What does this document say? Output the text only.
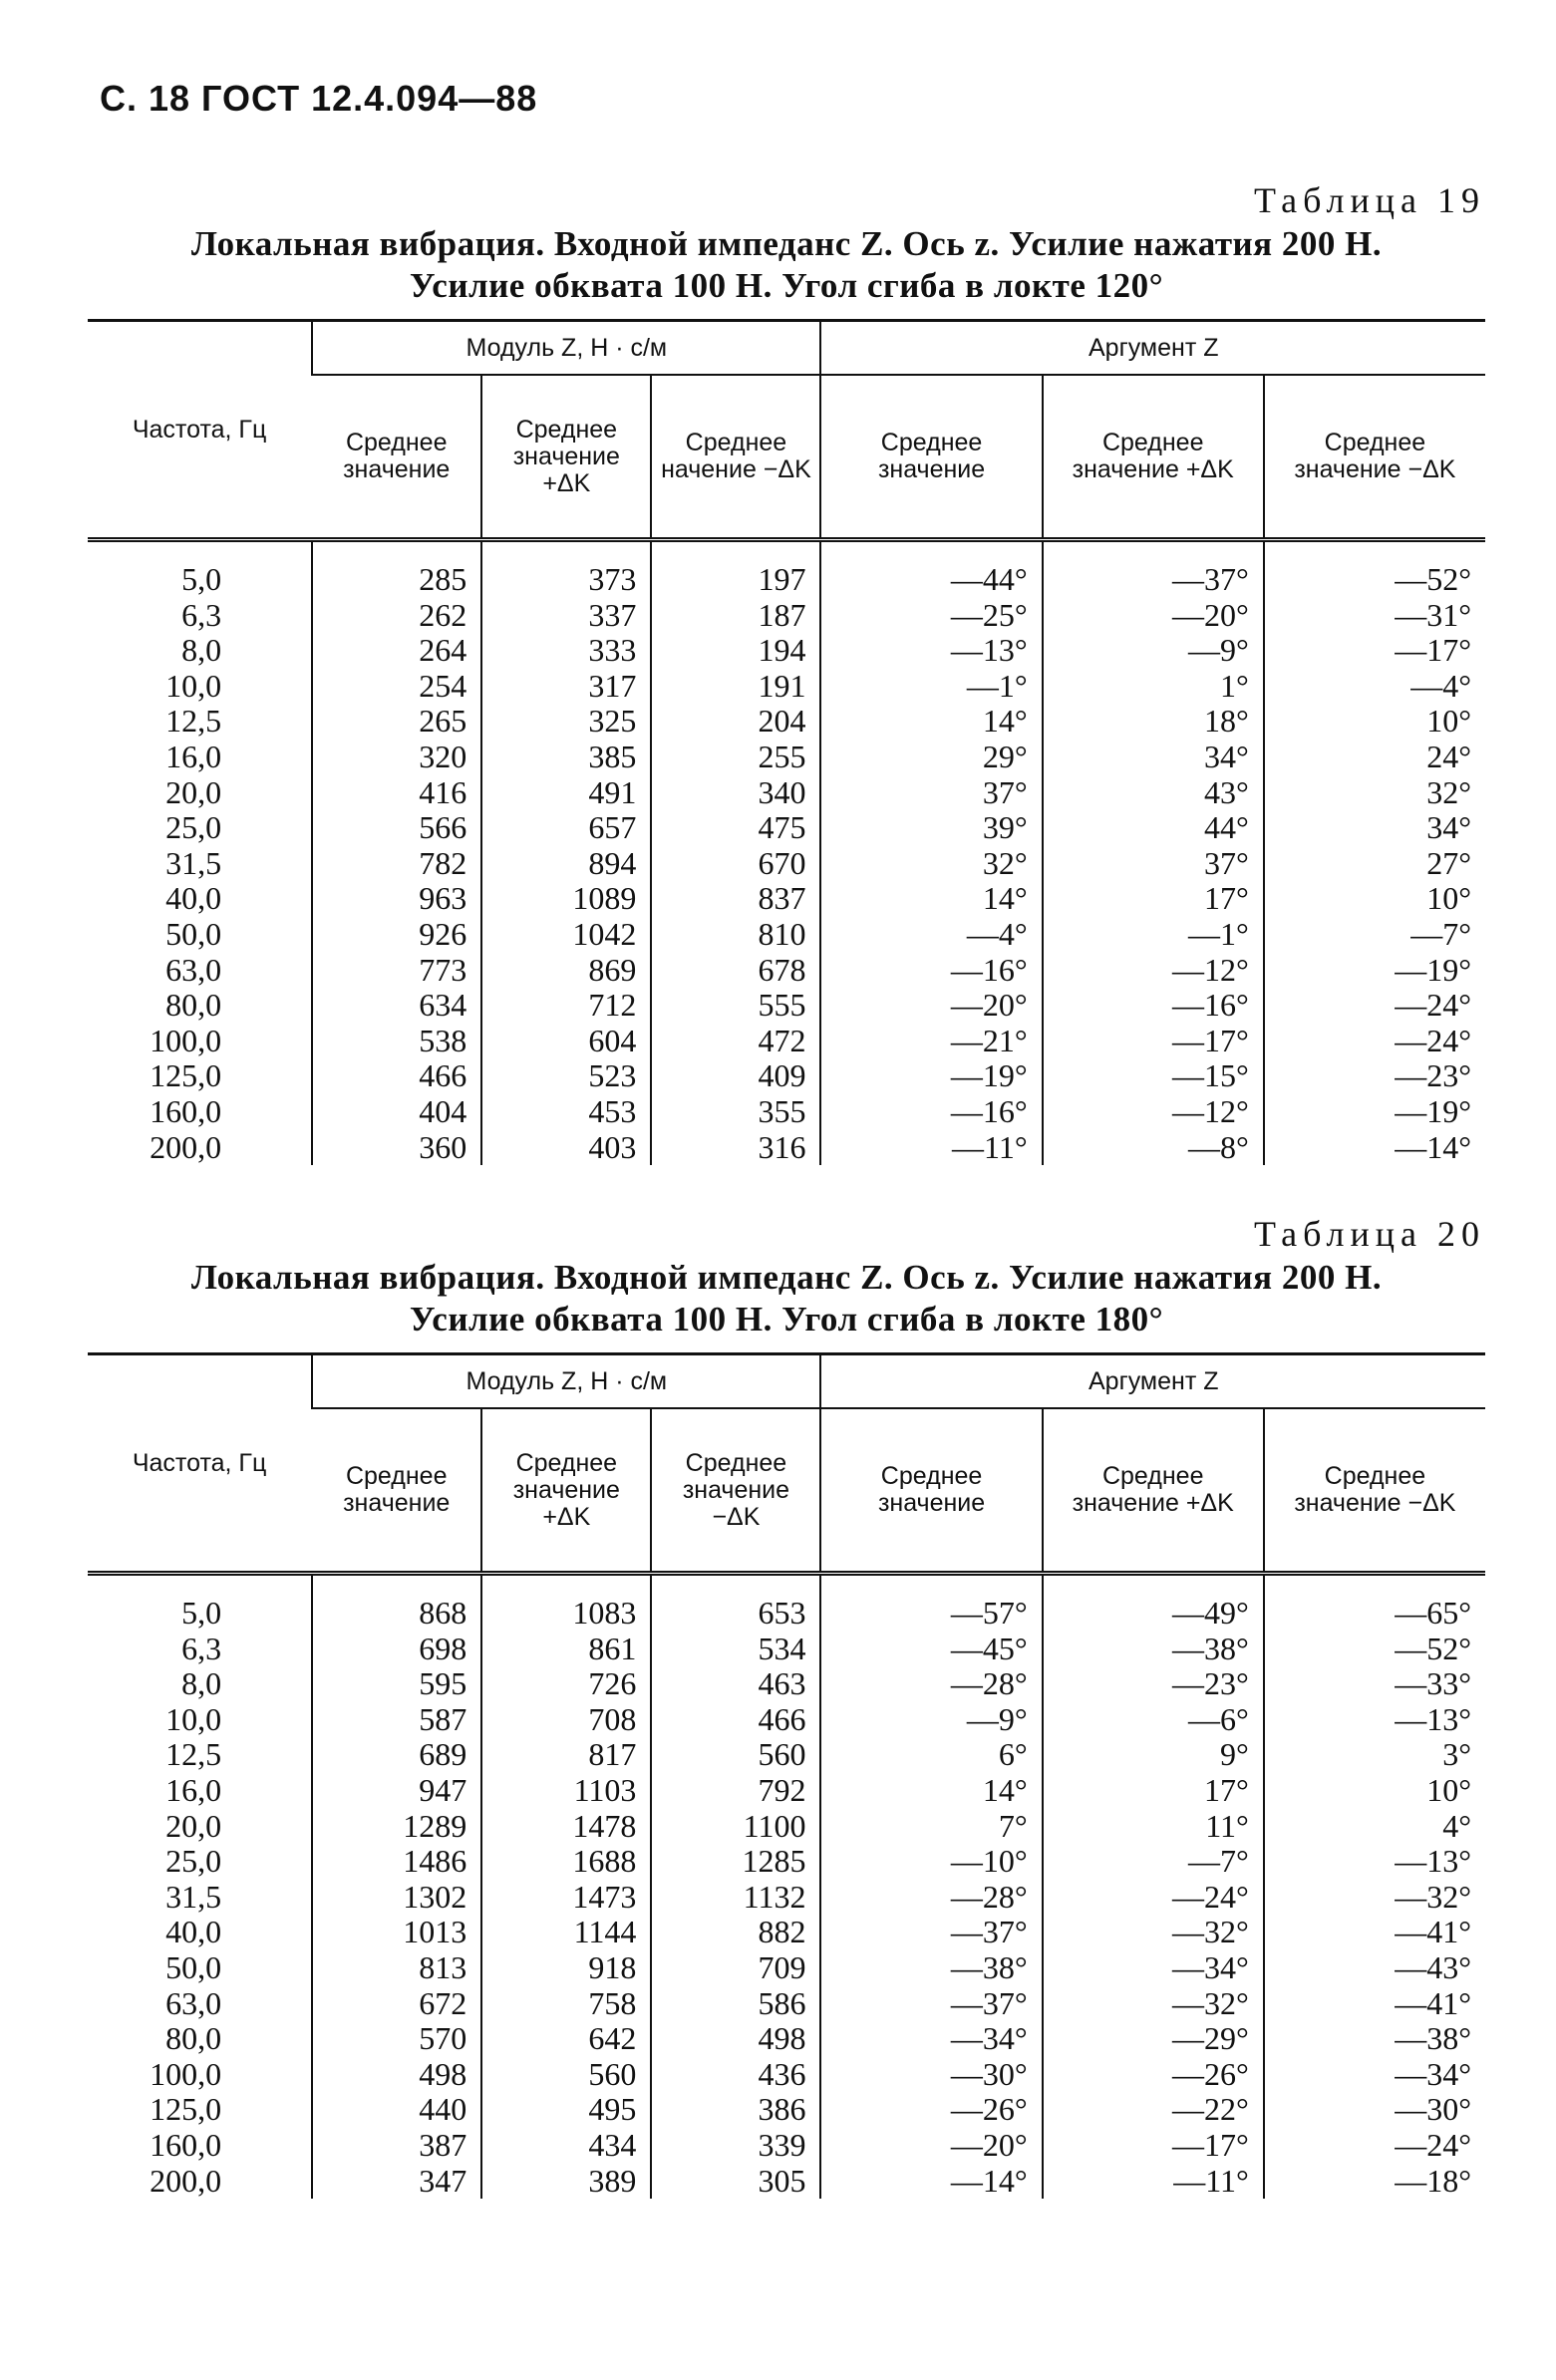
С. 18 ГОСТ 12.4.094—88
Таблица 19
Локальная вибрация. Входной импеданс Z. Ось z. Усилие нажатия 200 Н.
Усилие обквата 100 Н. Угол сгиба в локте 120°
Частота, Гц	Модуль Z, Н · с/м			Аргумент Z		
	Среднее значение	Среднее значение +ΔK	Среднее начение −ΔK	Среднее значение	Среднее значение +ΔK	Среднее значение −ΔK
5,0	285	373	197	—44°	—37°	—52°
6,3	262	337	187	—25°	—20°	—31°
8,0	264	333	194	—13°	—9°	—17°
10,0	254	317	191	—1°	1°	—4°
12,5	265	325	204	14°	18°	10°
16,0	320	385	255	29°	34°	24°
20,0	416	491	340	37°	43°	32°
25,0	566	657	475	39°	44°	34°
31,5	782	894	670	32°	37°	27°
40,0	963	1089	837	14°	17°	10°
50,0	926	1042	810	—4°	—1°	—7°
63,0	773	869	678	—16°	—12°	—19°
80,0	634	712	555	—20°	—16°	—24°
100,0	538	604	472	—21°	—17°	—24°
125,0	466	523	409	—19°	—15°	—23°
160,0	404	453	355	—16°	—12°	—19°
200,0	360	403	316	—11°	—8°	—14°
Таблица 20
Локальная вибрация. Входной импеданс Z. Ось z. Усилие нажатия 200 Н.
Усилие обквата 100 Н. Угол сгиба в локте 180°
Частота, Гц	Модуль Z, Н · с/м			Аргумент Z		
	Среднее значение	Среднее значение +ΔK	Среднее значение −ΔK	Среднее значение	Среднее значение +ΔK	Среднее значение −ΔK
5,0	868	1083	653	—57°	—49°	—65°
6,3	698	861	534	—45°	—38°	—52°
8,0	595	726	463	—28°	—23°	—33°
10,0	587	708	466	—9°	—6°	—13°
12,5	689	817	560	6°	9°	3°
16,0	947	1103	792	14°	17°	10°
20,0	1289	1478	1100	7°	11°	4°
25,0	1486	1688	1285	—10°	—7°	—13°
31,5	1302	1473	1132	—28°	—24°	—32°
40,0	1013	1144	882	—37°	—32°	—41°
50,0	813	918	709	—38°	—34°	—43°
63,0	672	758	586	—37°	—32°	—41°
80,0	570	642	498	—34°	—29°	—38°
100,0	498	560	436	—30°	—26°	—34°
125,0	440	495	386	—26°	—22°	—30°
160,0	387	434	339	—20°	—17°	—24°
200,0	347	389	305	—14°	—11°	—18°
